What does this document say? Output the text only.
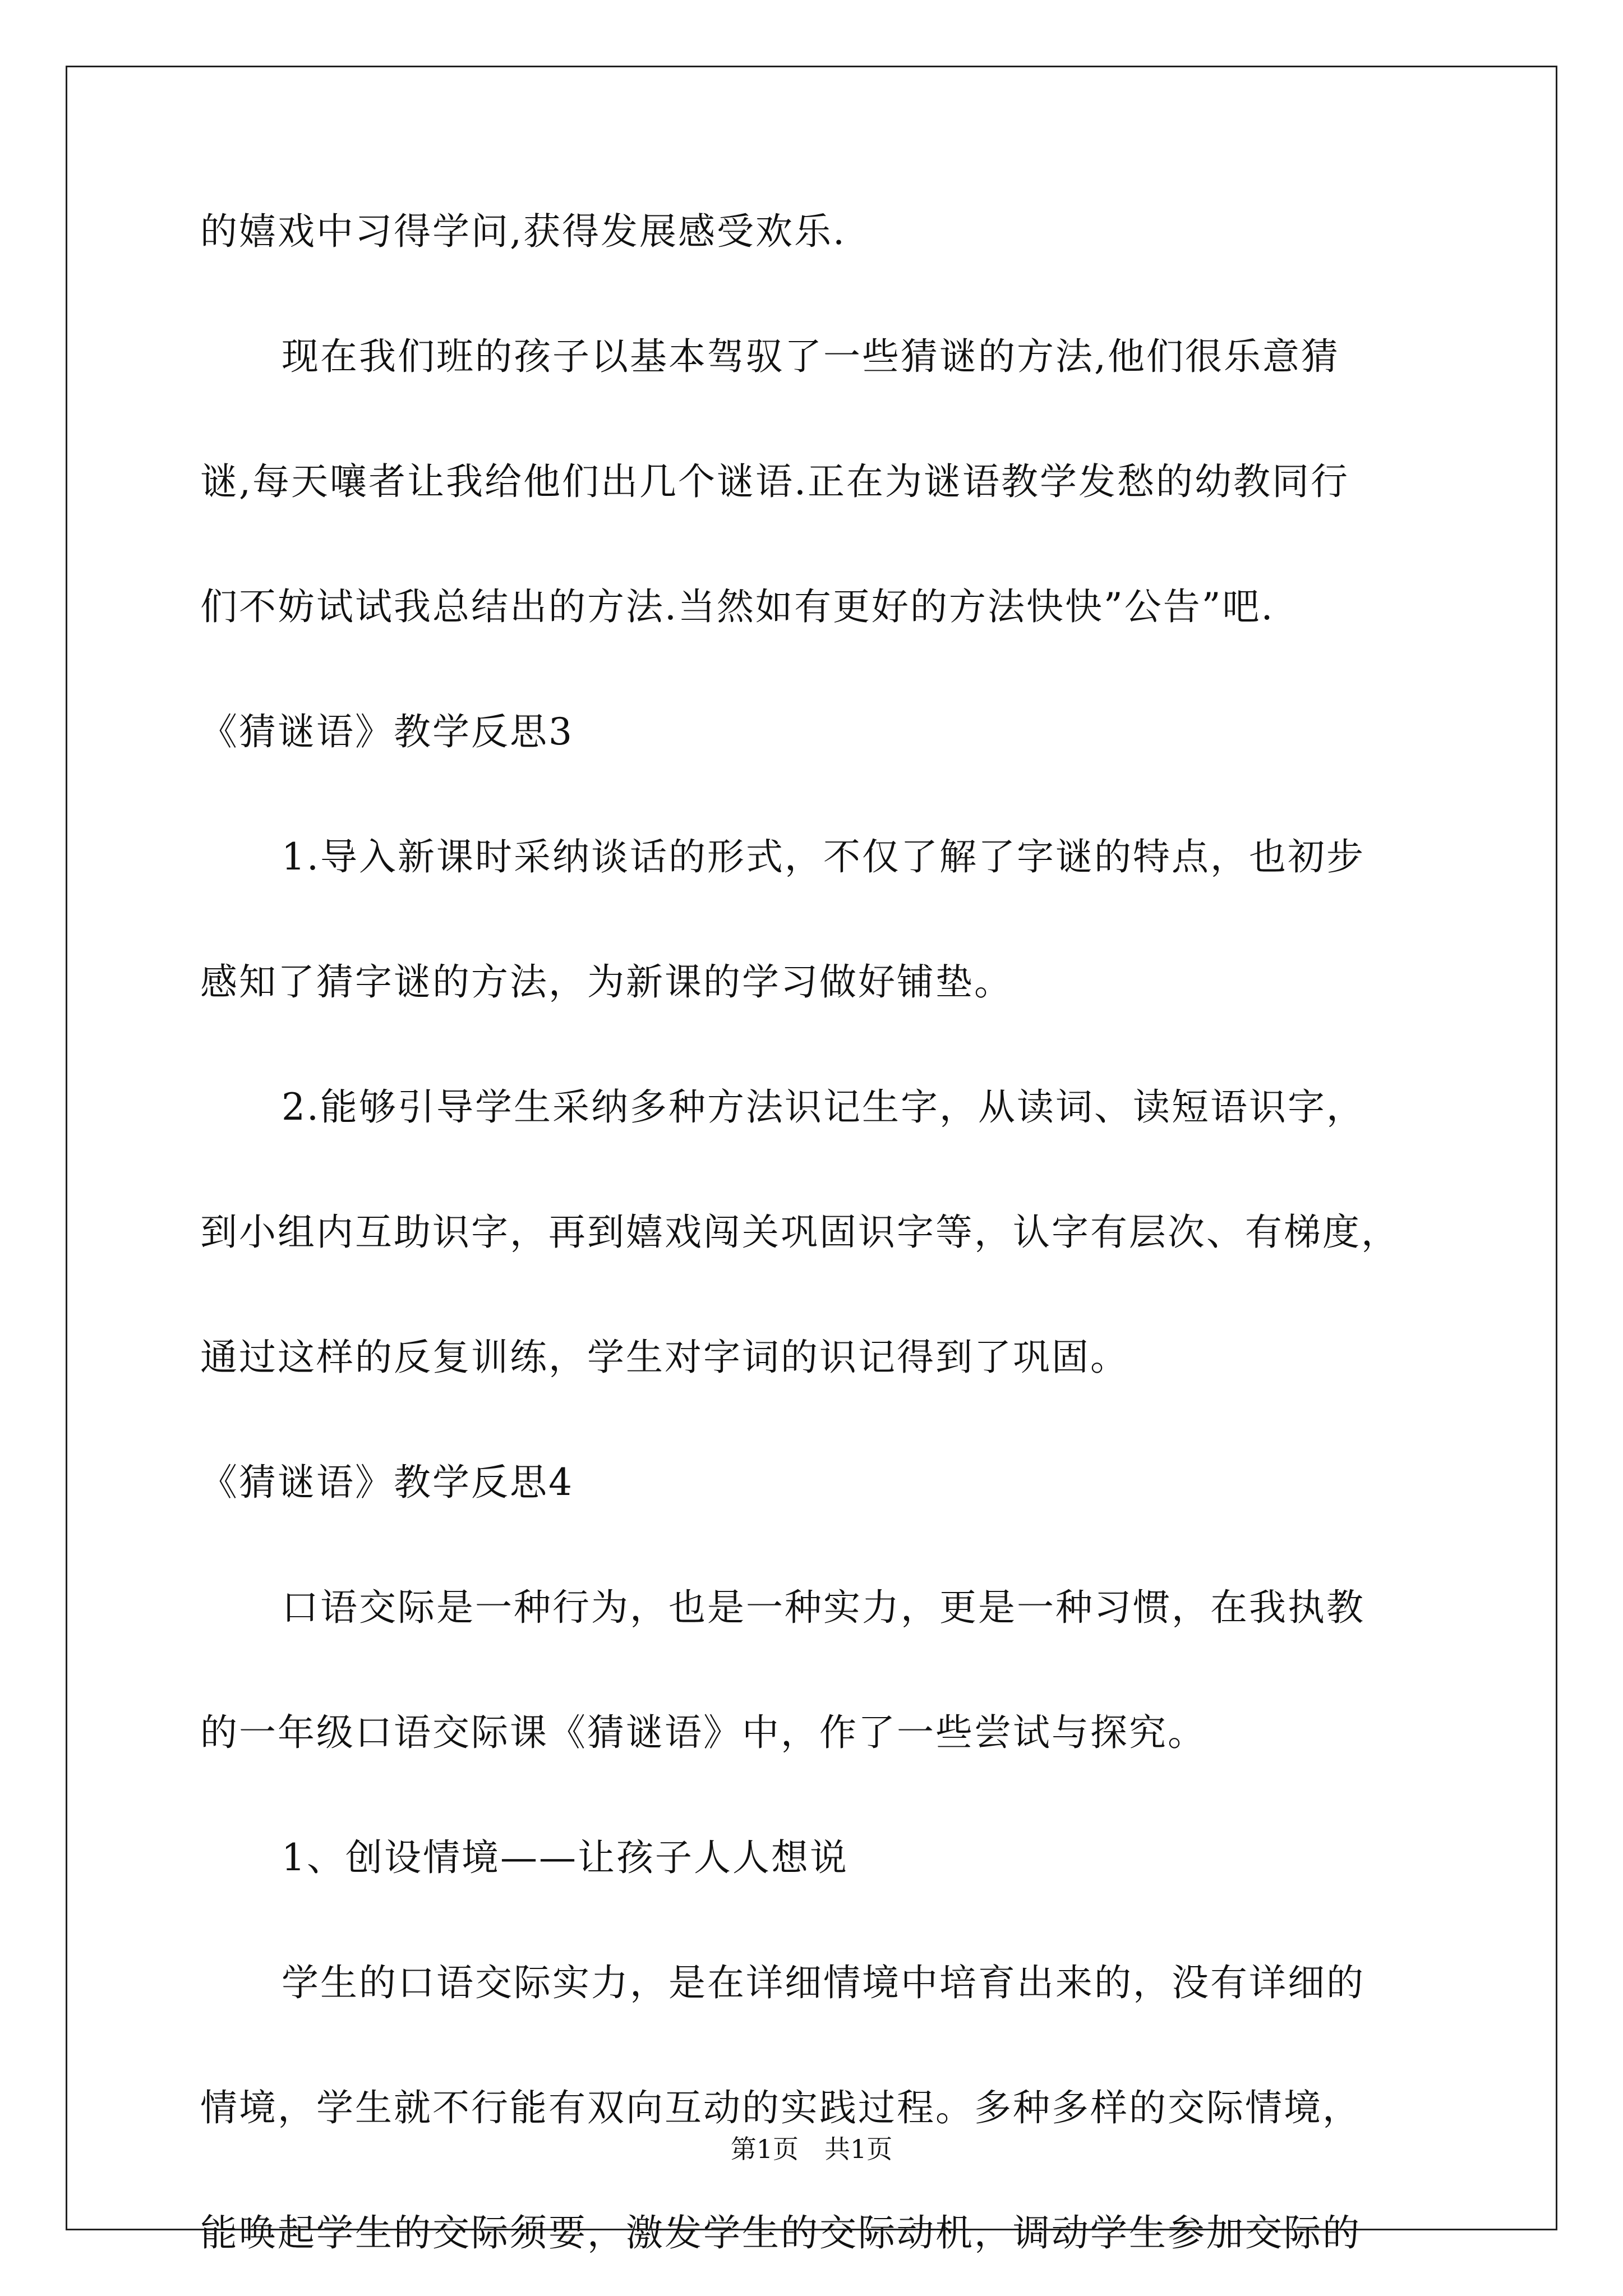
的嬉戏中习得学问,获得发展感受欢乐.
现在我们班的孩子以基本驾驭了一些猜谜的方法,他们很乐意猜
谜,每天嚷者让我给他们出几个谜语.正在为谜语教学发愁的幼教同行
们不妨试试我总结出的方法.当然如有更好的方法快快”公告”吧.
《猜谜语》教学反思3
1.导入新课时采纳谈话的形式，不仅了解了字谜的特点，也初步
感知了猜字谜的方法，为新课的学习做好铺垫。
2.能够引导学生采纳多种方法识记生字，从读词、读短语识字，
到小组内互助识字，再到嬉戏闯关巩固识字等，认字有层次、有梯度，
通过这样的反复训练，学生对字词的识记得到了巩固。
《猜谜语》教学反思4
口语交际是一种行为，也是一种实力，更是一种习惯，在我执教
的一年级口语交际课《猜谜语》中，作了一些尝试与探究。
1、创设情境——让孩子人人想说
学生的口语交际实力，是在详细情境中培育出来的，没有详细的
情境，学生就不行能有双向互动的实践过程。多种多样的交际情境，
能唤起学生的交际须要，激发学生的交际动机，调动学生参加交际的
第1页　共1页
